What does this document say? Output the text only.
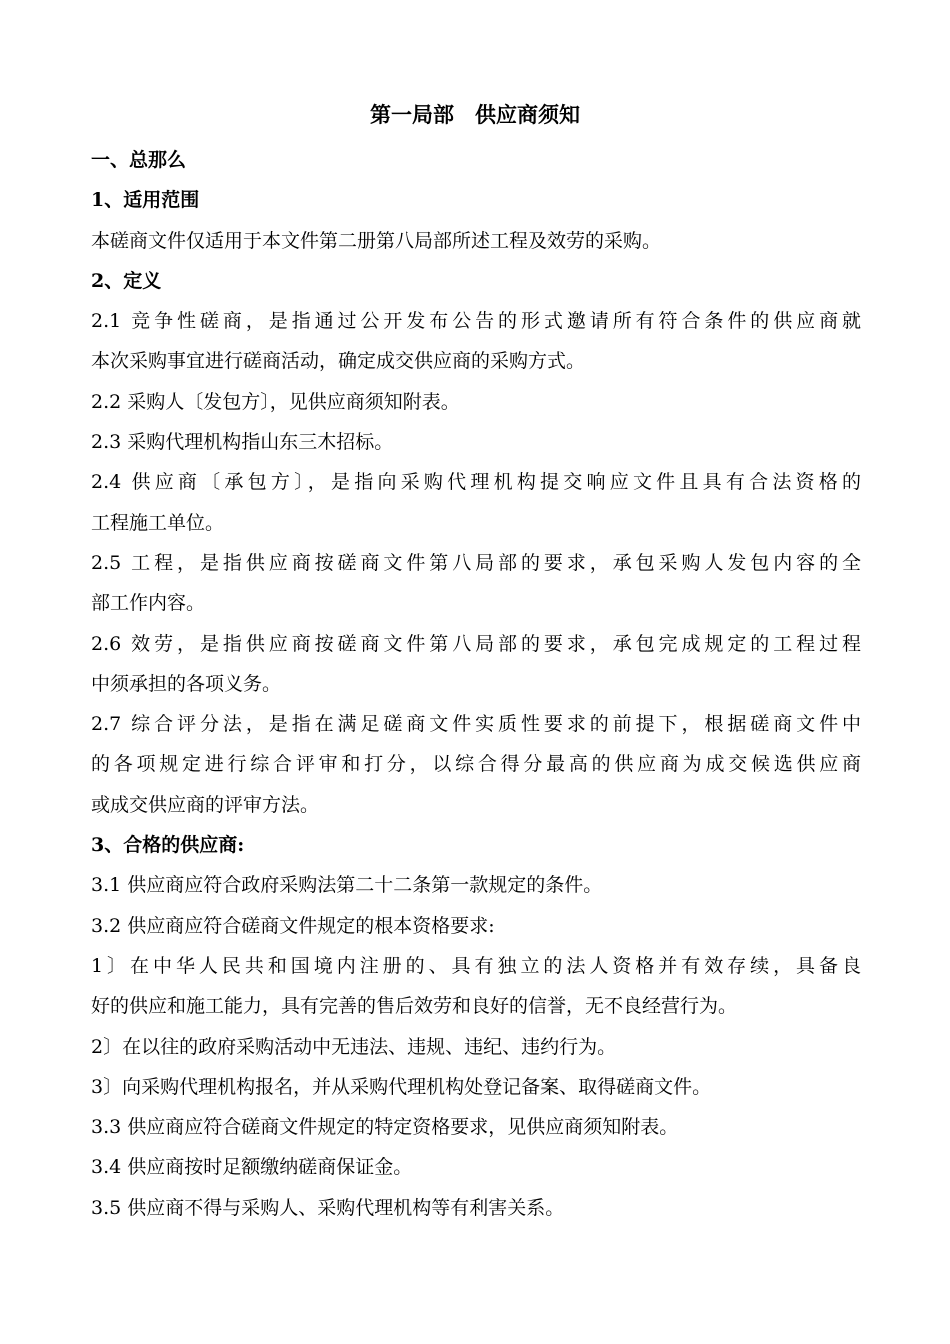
第一局部　供应商须知
一、总那么
1、适用范围
本磋商文件仅适用于本文件第二册第八局部所述工程及效劳的采购。
2、定义
2.1 竞争性磋商，是指通过公开发布公告的形式邀请所有符合条件的供应商就
本次采购事宜进行磋商活动，确定成交供应商的采购方式。
2.2 采购人〔发包方〕，见供应商须知附表。
2.3 采购代理机构指山东三木招标。
2.4 供应商〔承包方〕，是指向采购代理机构提交响应文件且具有合法资格的
工程施工单位。
2.5 工程，是指供应商按磋商文件第八局部的要求，承包采购人发包内容的全
部工作内容。
2.6 效劳，是指供应商按磋商文件第八局部的要求，承包完成规定的工程过程
中须承担的各项义务。
2.7 综合评分法，是指在满足磋商文件实质性要求的前提下，根据磋商文件中
的各项规定进行综合评审和打分，以综合得分最高的供应商为成交候选供应商
或成交供应商的评审方法。
3、合格的供应商:
3.1 供应商应符合政府采购法第二十二条第一款规定的条件。
3.2 供应商应符合磋商文件规定的根本资格要求:
1〕在中华人民共和国境内注册的、具有独立的法人资格并有效存续，具备良
好的供应和施工能力，具有完善的售后效劳和良好的信誉，无不良经营行为。
2〕在以往的政府采购活动中无违法、违规、违纪、违约行为。
3〕向采购代理机构报名，并从采购代理机构处登记备案、取得磋商文件。
3.3 供应商应符合磋商文件规定的特定资格要求，见供应商须知附表。
3.4 供应商按时足额缴纳磋商保证金。
3.5 供应商不得与采购人、采购代理机构等有利害关系。
